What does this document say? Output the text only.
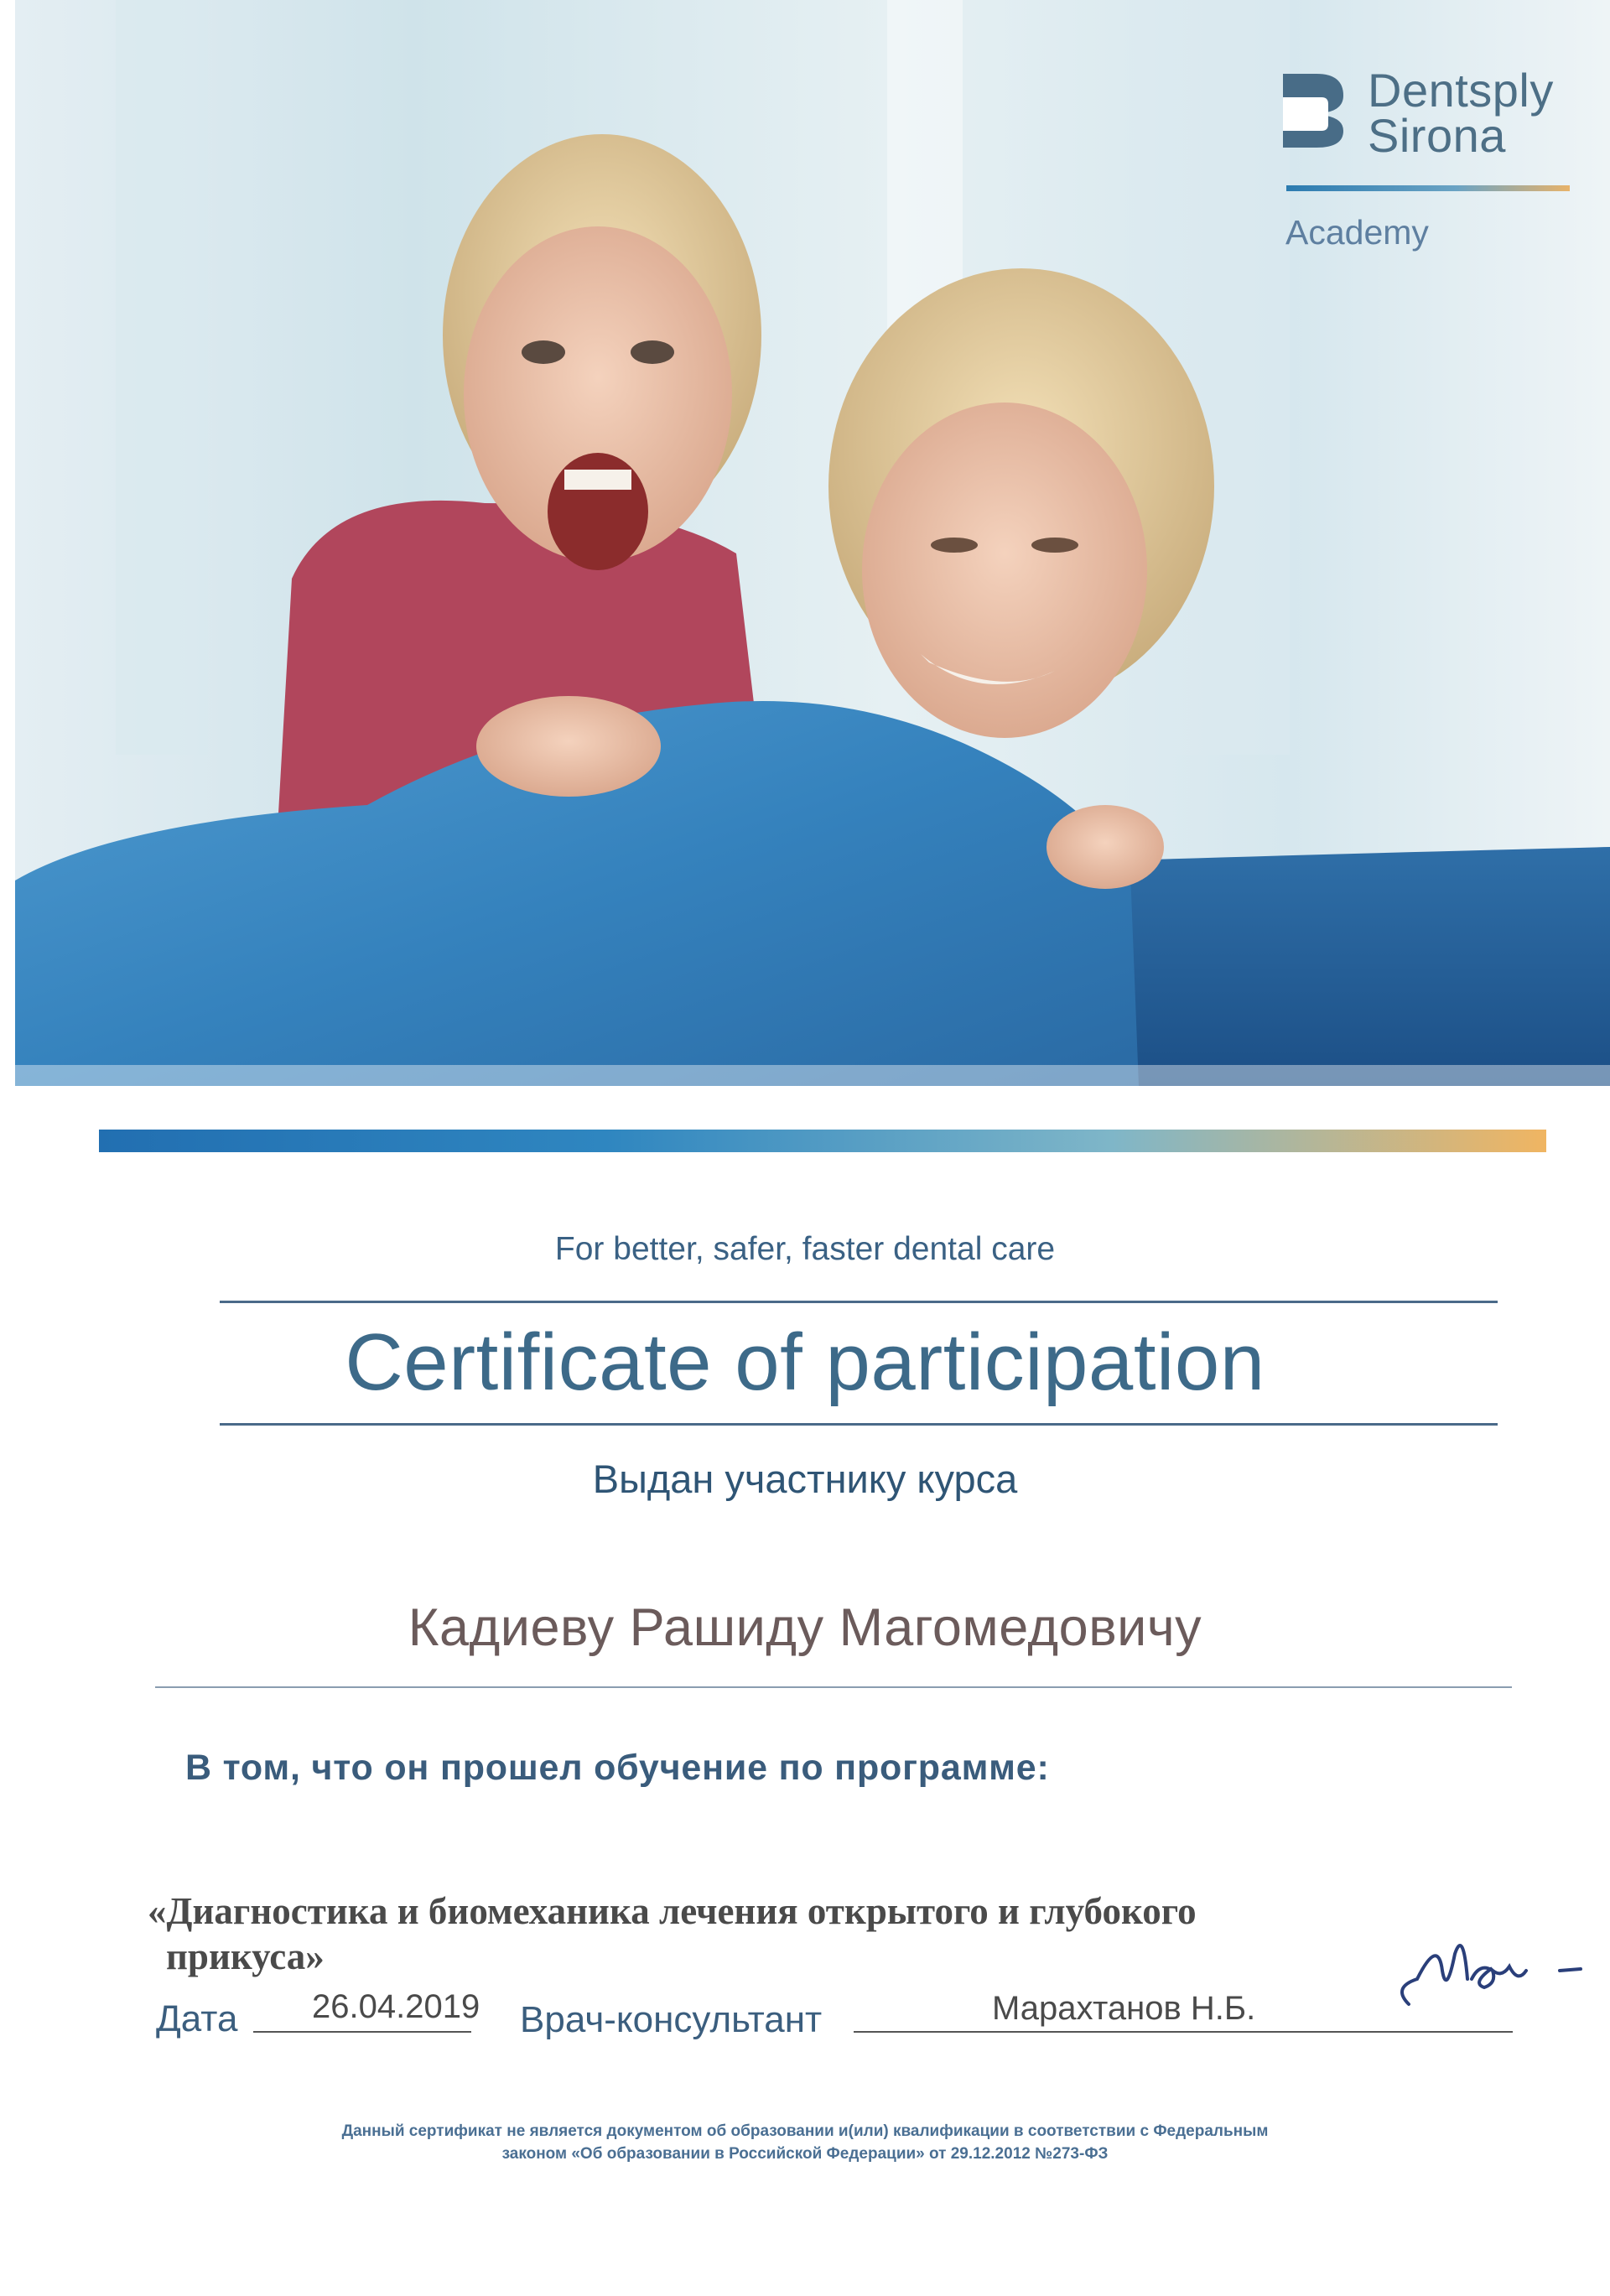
Dentsply
Sirona
Academy
For better, safer, faster dental care
Certificate of participation
Выдан участнику курса
Кадиеву Рашиду Магомедовичу
В том, что он прошел обучение по программе:
«Диагностика и биомеханика лечения открытого и глубокого
прикуса»
Дата 26.04.2019 Врач-консультант	Марахтанов Н.Б.
Данный сертификат не является документом об образовании и(или) квалификации в соответствии с Федеральным
законом «Об образовании в Российской Федерации» от 29.12.2012 №273-ФЗ
